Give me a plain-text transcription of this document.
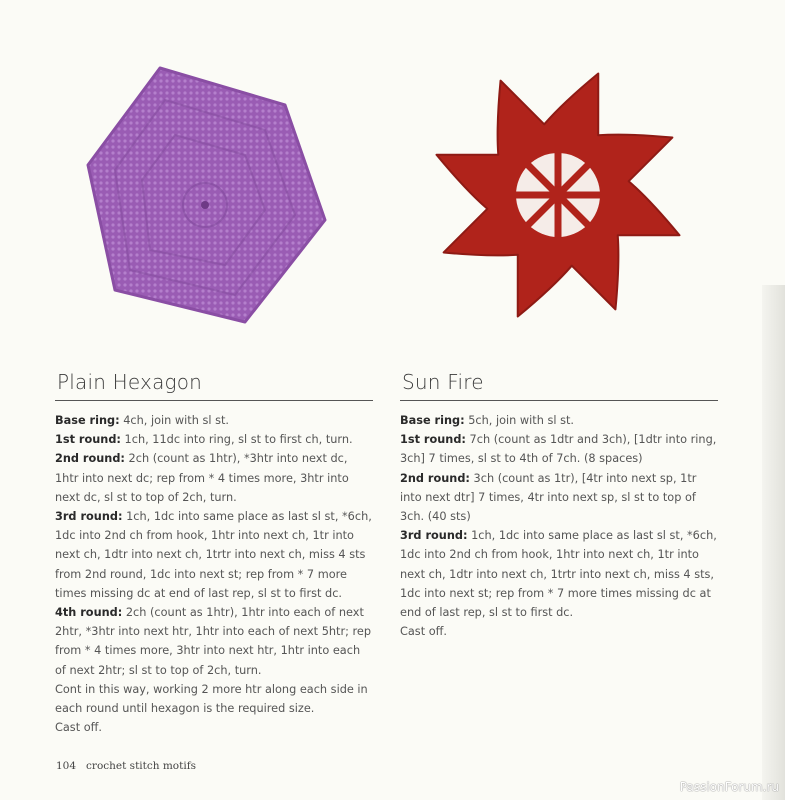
Plain Hexagon
Base ring: 4ch, join with sl st.
1st round: 1ch, 11dc into ring, sl st to first ch, turn.
2nd round: 2ch (count as 1htr), *3htr into next dc, 1htr into next dc; rep from * 4 times more, 3htr into next dc, sl st to top of 2ch, turn.
3rd round: 1ch, 1dc into same place as last sl st, *6ch, 1dc into 2nd ch from hook, 1htr into next ch, 1tr into next ch, 1dtr into next ch, 1trtr into next ch, miss 4 sts from 2nd round, 1dc into next st; rep from * 7 more times missing dc at end of last rep, sl st to first dc.
4th round: 2ch (count as 1htr), 1htr into each of next 2htr, *3htr into next htr, 1htr into each of next 5htr; rep from * 4 times more, 3htr into next htr, 1htr into each of next 2htr; sl st to top of 2ch, turn.
Cont in this way, working 2 more htr along each side in each round until hexagon is the required size.
Cast off.
Sun Fire
Base ring: 5ch, join with sl st.
1st round: 7ch (count as 1dtr and 3ch), [1dtr into ring, 3ch] 7 times, sl st to 4th of 7ch. (8 spaces)
2nd round: 3ch (count as 1tr), [4tr into next sp, 1tr into next dtr] 7 times, 4tr into next sp, sl st to top of 3ch. (40 sts)
3rd round: 1ch, 1dc into same place as last sl st, *6ch, 1dc into 2nd ch from hook, 1htr into next ch, 1tr into next ch, 1dtr into next ch, 1trtr into next ch, miss 4 sts, 1dc into next st; rep from * 7 more times missing dc at end of last rep, sl st to first dc.
Cast off.
104 crochet stitch motifs
PassionForum.ru
